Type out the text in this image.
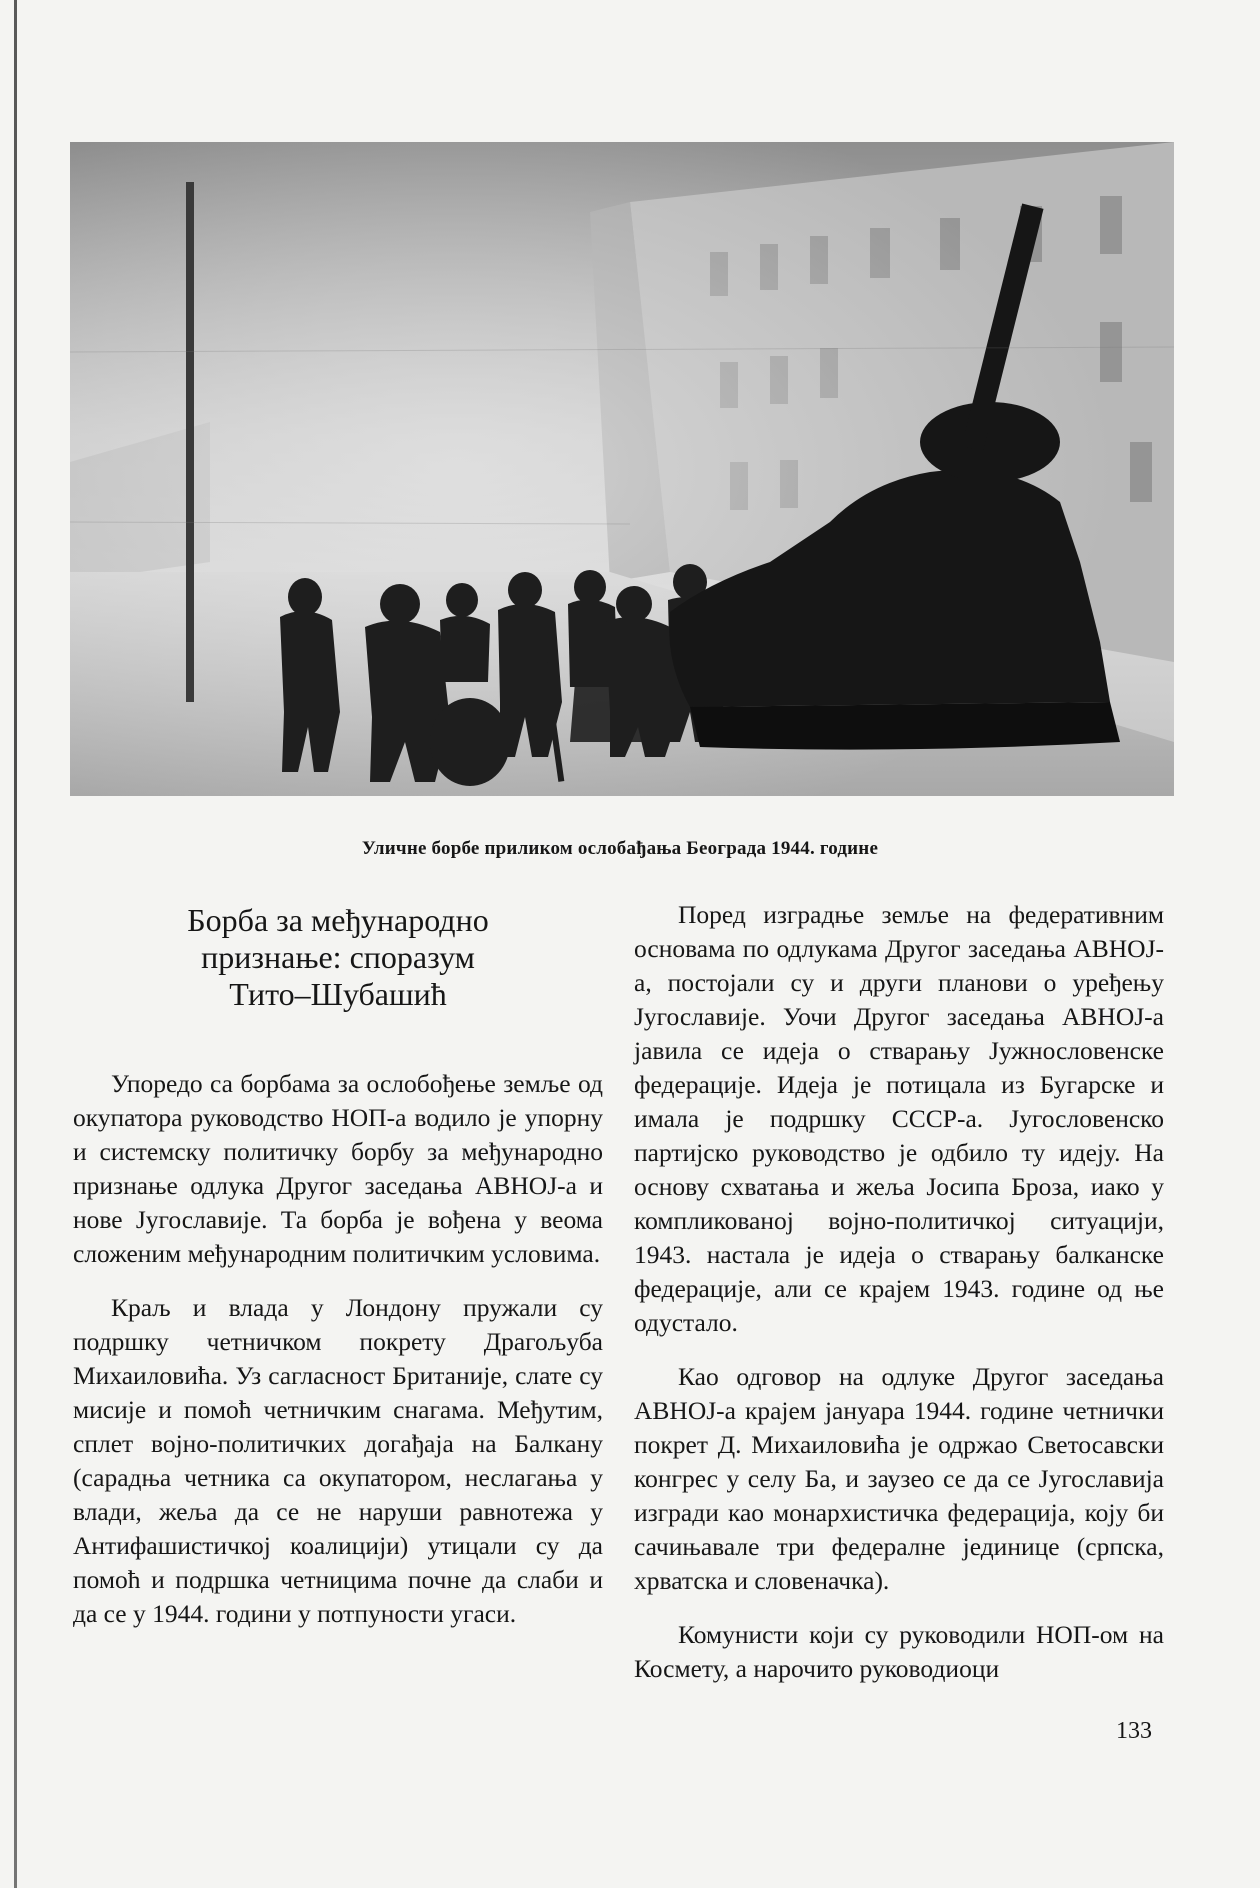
Уличне борбе приликом ослобађања Београда 1944. године
Борба за међународно
признање: споразум
Тито–Шубашић

Упоредо са борбама за ослобођење земље од окупатора руководство НОП-а водило је упорну и системску политичку борбу за међународно признање одлука Другог заседања АВНОЈ-а и нове Југославије. Та борба је вођена у веома сложеним међународним политичким условима.

Краљ и влада у Лондону пружали су подршку четничком покрету Драгољуба Михаиловића. Уз сагласност Британије, слате су мисије и помоћ четничким снагама. Међутим, сплет војно-политичких догађаја на Балкану (сарадња четника са окупатором, неслагања у влади, жеља да се не наруши равнотежа у Антифашистичкој коалицији) утицали су да помоћ и подршка четницима почне да слаби и да се у 1944. години у потпуности угаси.

Поред изградње земље на федеративним основама по одлукама Другог заседања АВНОЈ-а, постојали су и други планови о уређењу Југославије. Уочи Другог заседања АВНОЈ-а јавила се идеја о стварању Јужнословенске федерације. Идеја је потицала из Бугарске и имала је подршку СССР-а. Југословенско партијско руководство је одбило ту идеју. На основу схватања и жеља Јосипа Броза, иако у компликованој војно-политичкој ситуацији, 1943. настала је идеја о стварању балканске федерације, али се крајем 1943. године од ње одустало.

Као одговор на одлуке Другог заседања АВНОЈ-а крајем јануара 1944. године четнички покрет Д. Михаиловића је одржао Светосавски конгрес у селу Ба, и заузео се да се Југославија изгради као монархистичка федерација, коју би сачињавале три федералне јединице (српска, хрватска и словеначка).

Комунисти који су руководили НОП-ом на Космету, а нарочито руководиоци

133
